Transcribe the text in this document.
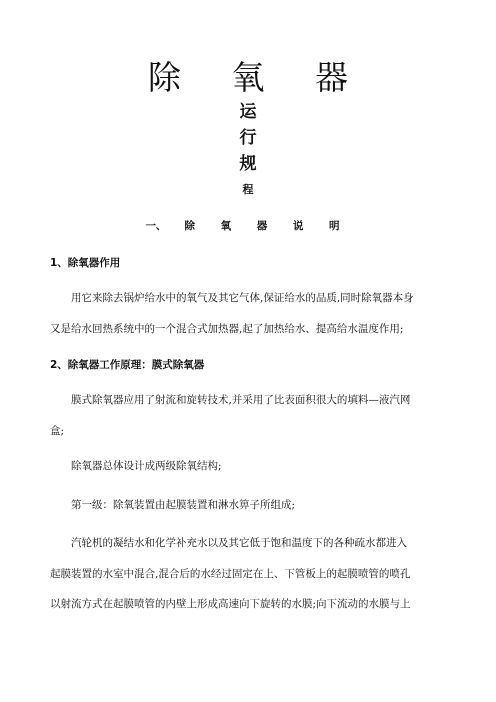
除 氧 器
运
行
规
程
一、 除 氧 器 说 明
1、除氧器作用

用它来除去锅炉给水中的氧气及其它气体,保证给水的品质,同时除氧器本身

又是给水回热系统中的一个混合式加热器,起了加热给水、提高给水温度作用;

2、除氧器工作原理：膜式除氧器

膜式除氧器应用了射流和旋转技术,并采用了比表面积很大的填料—液汽网

盒;

除氧器总体设计成两级除氧结构;

第一级：除氧装置由起膜装置和淋水箅子所组成;

汽轮机的凝结水和化学补充水以及其它低于饱和温度下的各种疏水都进入

起膜装置的水室中混合,混合后的水经过固定在上、下管板上的起膜喷管的喷孔

以射流方式在起膜喷管的内壁上形成高速向下旋转的水膜;向下流动的水膜与上
